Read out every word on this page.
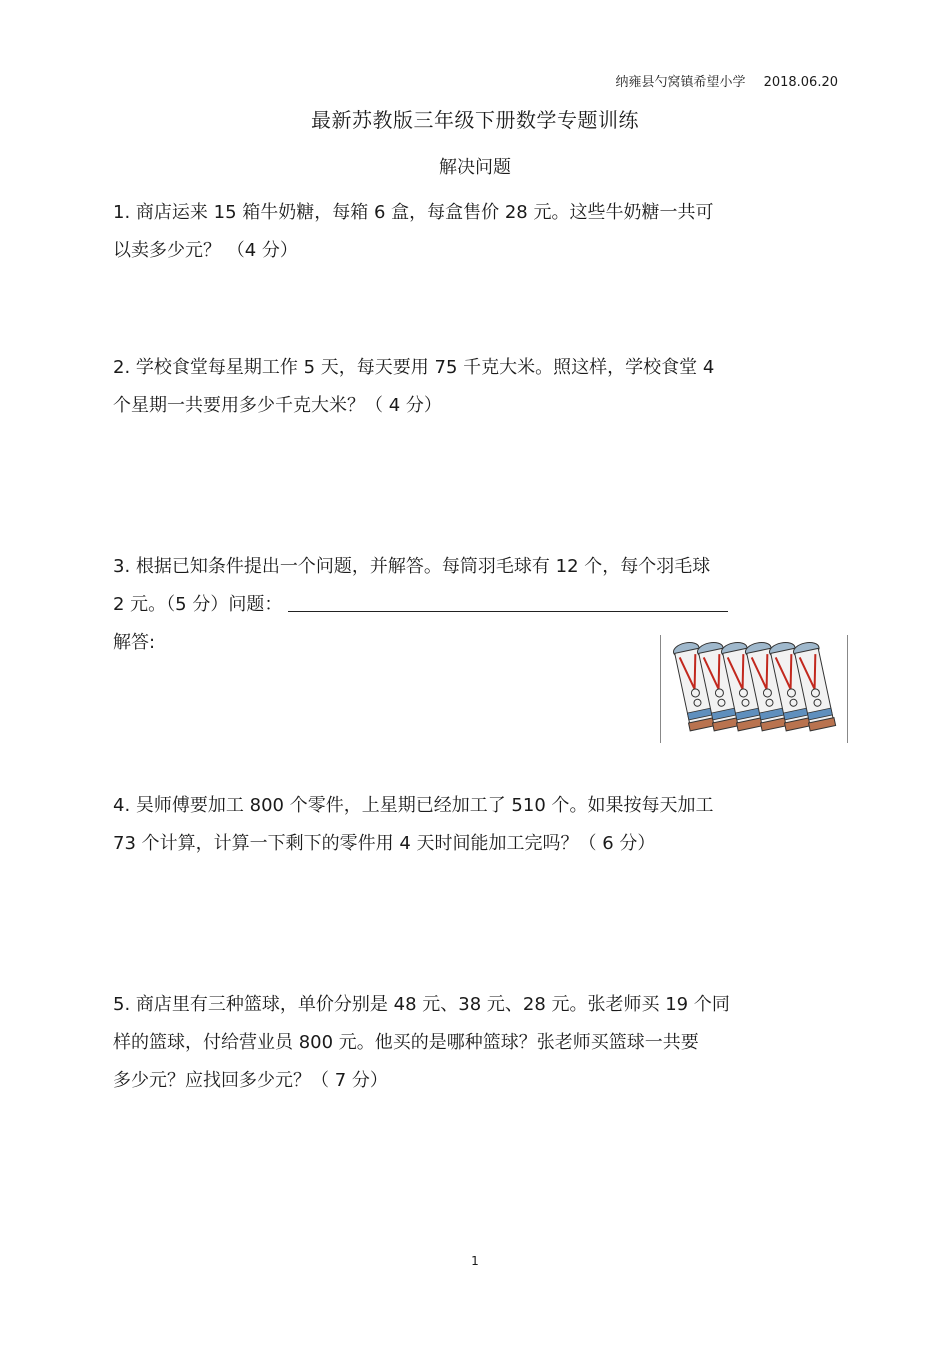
纳雍县勺窝镇希望小学 2018.06.20
最新苏教版三年级下册数学专题训练
解决问题
1. 商店运来 15 箱牛奶糖，每箱 6 盒，每盒售价 28 元。这些牛奶糖一共可
以卖多少元？ （4 分）
2. 学校食堂每星期工作 5 天，每天要用 75 千克大米。照这样，学校食堂 4
个星期一共要用多少千克大米？（ 4 分）
3. 根据已知条件提出一个问题，并解答。每筒羽毛球有 12 个，每个羽毛球
2 元。（5 分）问题：
解答:
4. 吴师傅要加工 800 个零件，上星期已经加工了 510 个。如果按每天加工
73 个计算，计算一下剩下的零件用 4 天时间能加工完吗？（ 6 分）
5. 商店里有三种篮球，单价分别是 48 元、38 元、28 元。张老师买 19 个同
样的篮球，付给营业员 800 元。他买的是哪种篮球？张老师买篮球一共要
多少元？应找回多少元？（ 7 分）
1
